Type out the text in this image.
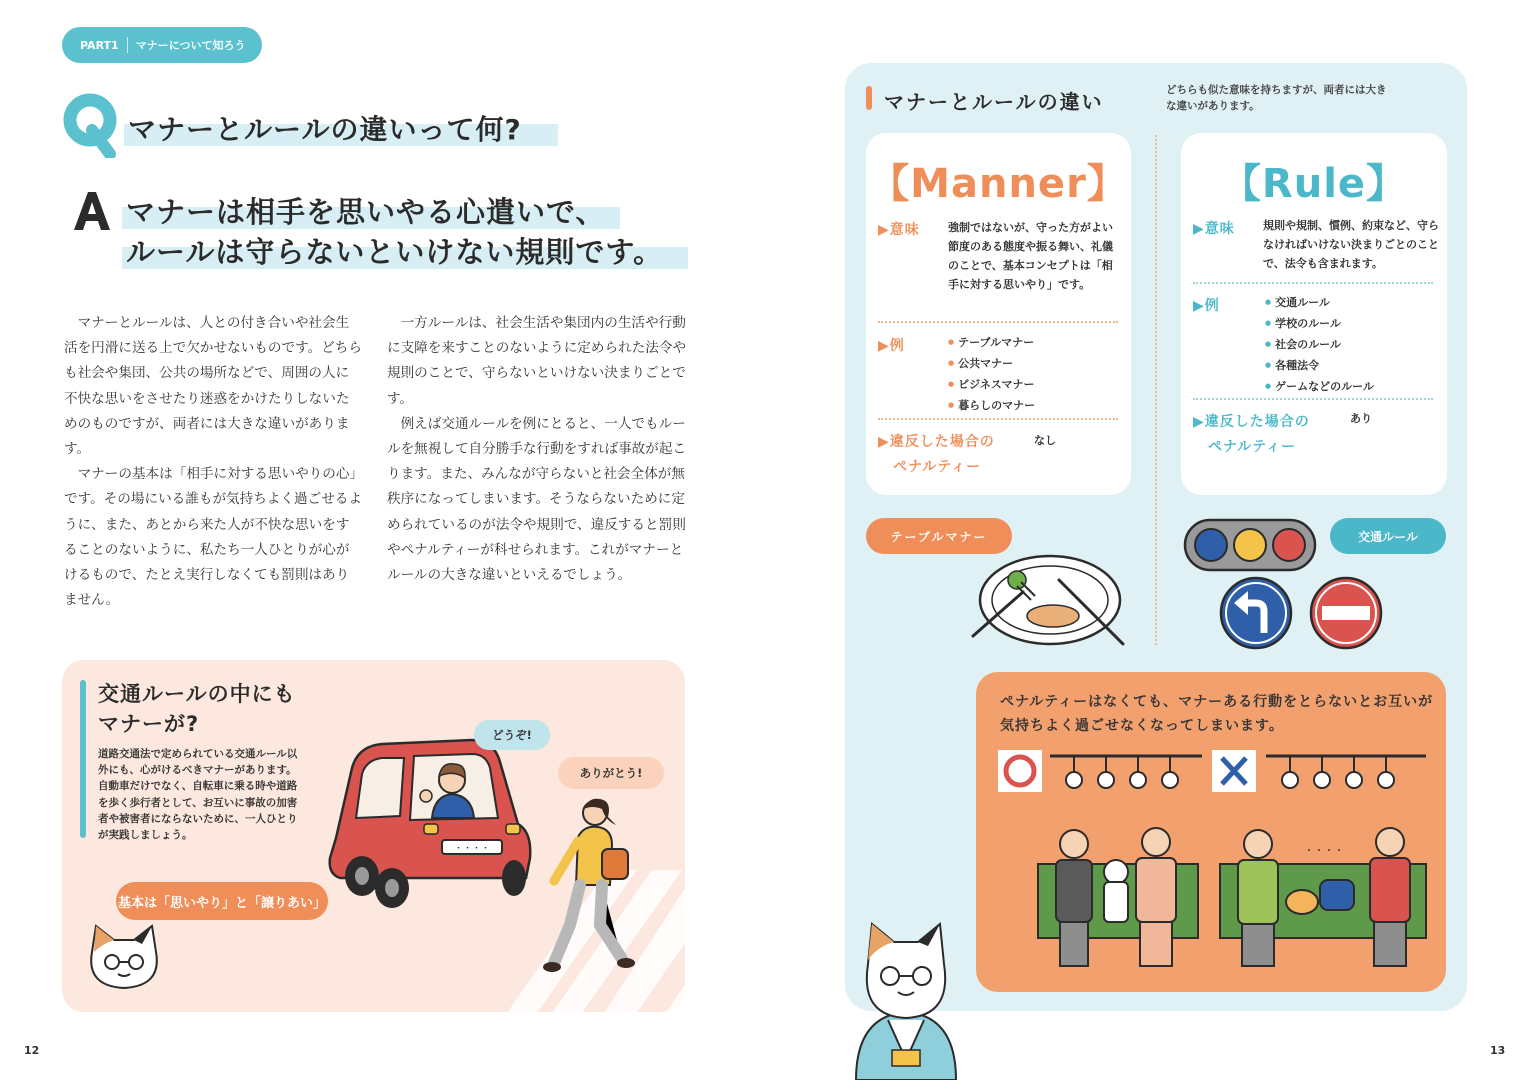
PART1 マナーについて知ろう
マナーとルールの違いって何?
マナーは相手を思いやる心遣いで、
ルールは守らないといけない規則です。

マナーとルールは、人との付き合いや社会生活を円滑に送る上で欠かせないものです。どちらも社会や集団、公共の場所などで、周囲の人に不快な思いをさせたり迷惑をかけたりしないためのものですが、両者には大きな違いがあります。

マナーの基本は「相手に対する思いやりの心」です。その場にいる誰もが気持ちよく過ごせるように、また、あとから来た人が不快な思いをすることのないように、私たち一人ひとりが心がけるもので、たとえ実行しなくても罰則はありません。

一方ルールは、社会生活や集団内の生活や行動に支障を来すことのないように定められた法令や規則のことで、守らないといけない決まりごとです。

例えば交通ルールを例にとると、一人でもルールを無視して自分勝手な行動をすれば事故が起こります。また、みんなが守らないと社会全体が無秩序になってしまいます。そうならないために定められているのが法令や規則で、違反すると罰則やペナルティーが科せられます。これがマナーとルールの大きな違いといえるでしょう。

交通ルールの中にも
マナーが?
道路交通法で定められている交通ルール以外にも、心がけるべきマナーがあります。自動車だけでなく、自転車に乗る時や道路を歩く歩行者として、お互いに事故の加害者や被害者にならないために、一人ひとりが実践しましょう。
・・・・
どうぞ!
ありがとう!
基本は「思いやり」と「譲りあい」
12
マナーとルールの違い	どちらも似た意味を持ちますが、両者には大きな違いがあります。
【Manner】
▶意味	強制ではないが、守った方がよい節度のある態度や振る舞い、礼儀のことで、基本コンセプトは「相手に対する思いやり」です。
▶例	● テーブルマナー
● 公共マナー
● ビジネスマナー
● 暮らしのマナー
▶違反した場合の
ペナルティー
なし
【Rule】
▶意味	規則や規制、慣例、約束など、守らなければいけない決まりごとのことで、法令も含まれます。
▶例	● 交通ルール
● 学校のルール
● 社会のルール
● 各種法令
● ゲームなどのルール
▶違反した場合の
ペナルティー
あり
テーブルマナー	交通ルール
ペナルティーはなくても、マナーある行動をとらないとお互いが気持ちよく過ごせなくなってしまいます。
・・・・
13
